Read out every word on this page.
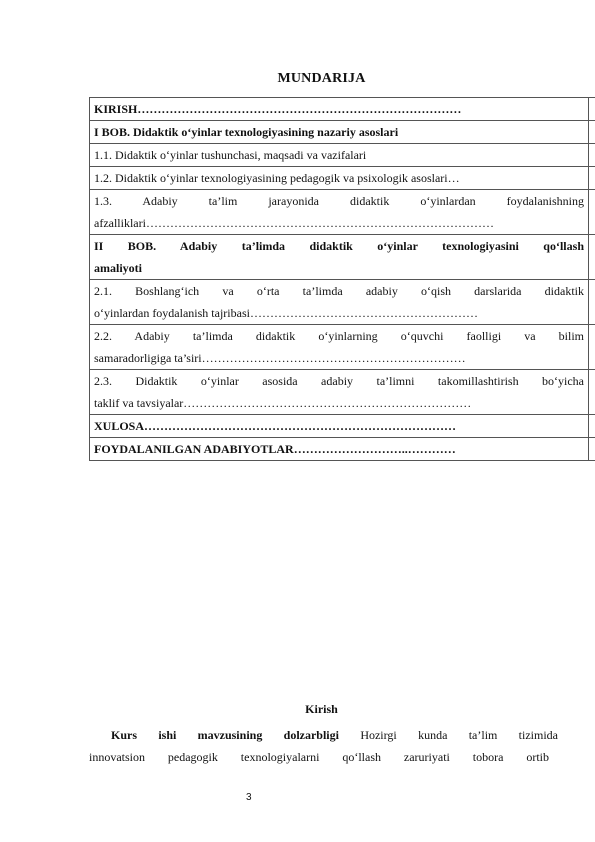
MUNDARIJA
KIRISH………………………………………………………………………	
I BOB. Didaktik o‘yinlar texnologiyasining nazariy asoslari	
1.1. Didaktik o‘yinlar tushunchasi, maqsadi va vazifalari	
1.2. Didaktik o‘yinlar texnologiyasining pedagogik va psixologik asoslari…	

1.3. Adabiy ta’lim jarayonida didaktik o‘yinlardan foydalanishning
afzalliklari……………………………………………………………………………	

II BOB. Adabiy ta’limda didaktik o‘yinlar texnologiyasini qo‘llash
amaliyoti	

2.1. Boshlang‘ich va o‘rta ta’limda adabiy o‘qish darslarida didaktik
o‘yinlardan foydalanish tajribasi…………………………………………………	

2.2. Adabiy ta’limda didaktik o‘yinlarning o‘quvchi faolligi va bilim
samaradorligiga ta’siri…………………………………………………………	

2.3. Didaktik o‘yinlar asosida adabiy ta’limni takomillashtirish bo‘yicha
taklif va tavsiyalar………………………………………………………………	

XULOSA……………………………………………………………………	
FOYDALANILGAN ADABIYOTLAR………………………..…………	
Kirish
Kurs ishi mavzusining dolzarbligi Hozirgi kunda ta’lim tizimida
innovatsion pedagogik texnologiyalarni qo‘llash zaruriyati tobora ortib
3
